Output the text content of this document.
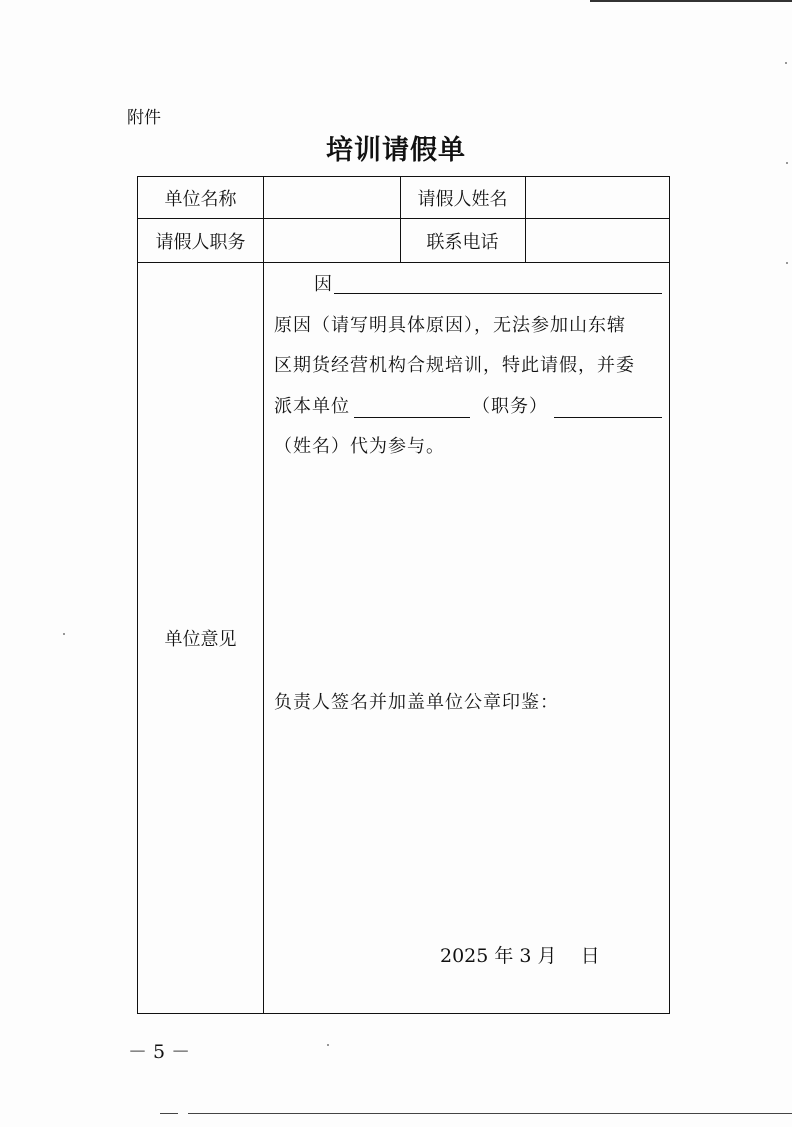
附件
培训请假单
单位名称	请假人姓名
请假人职务	联系电话
单位意见
因
原因（请写明具体原因），无法参加山东辖
区期货经营机构合规培训，特此请假，并委
派本单位	（职务）
（姓名）代为参与。
负责人签名并加盖单位公章印鉴：
2025 年 3 月    日
－ 5 －
